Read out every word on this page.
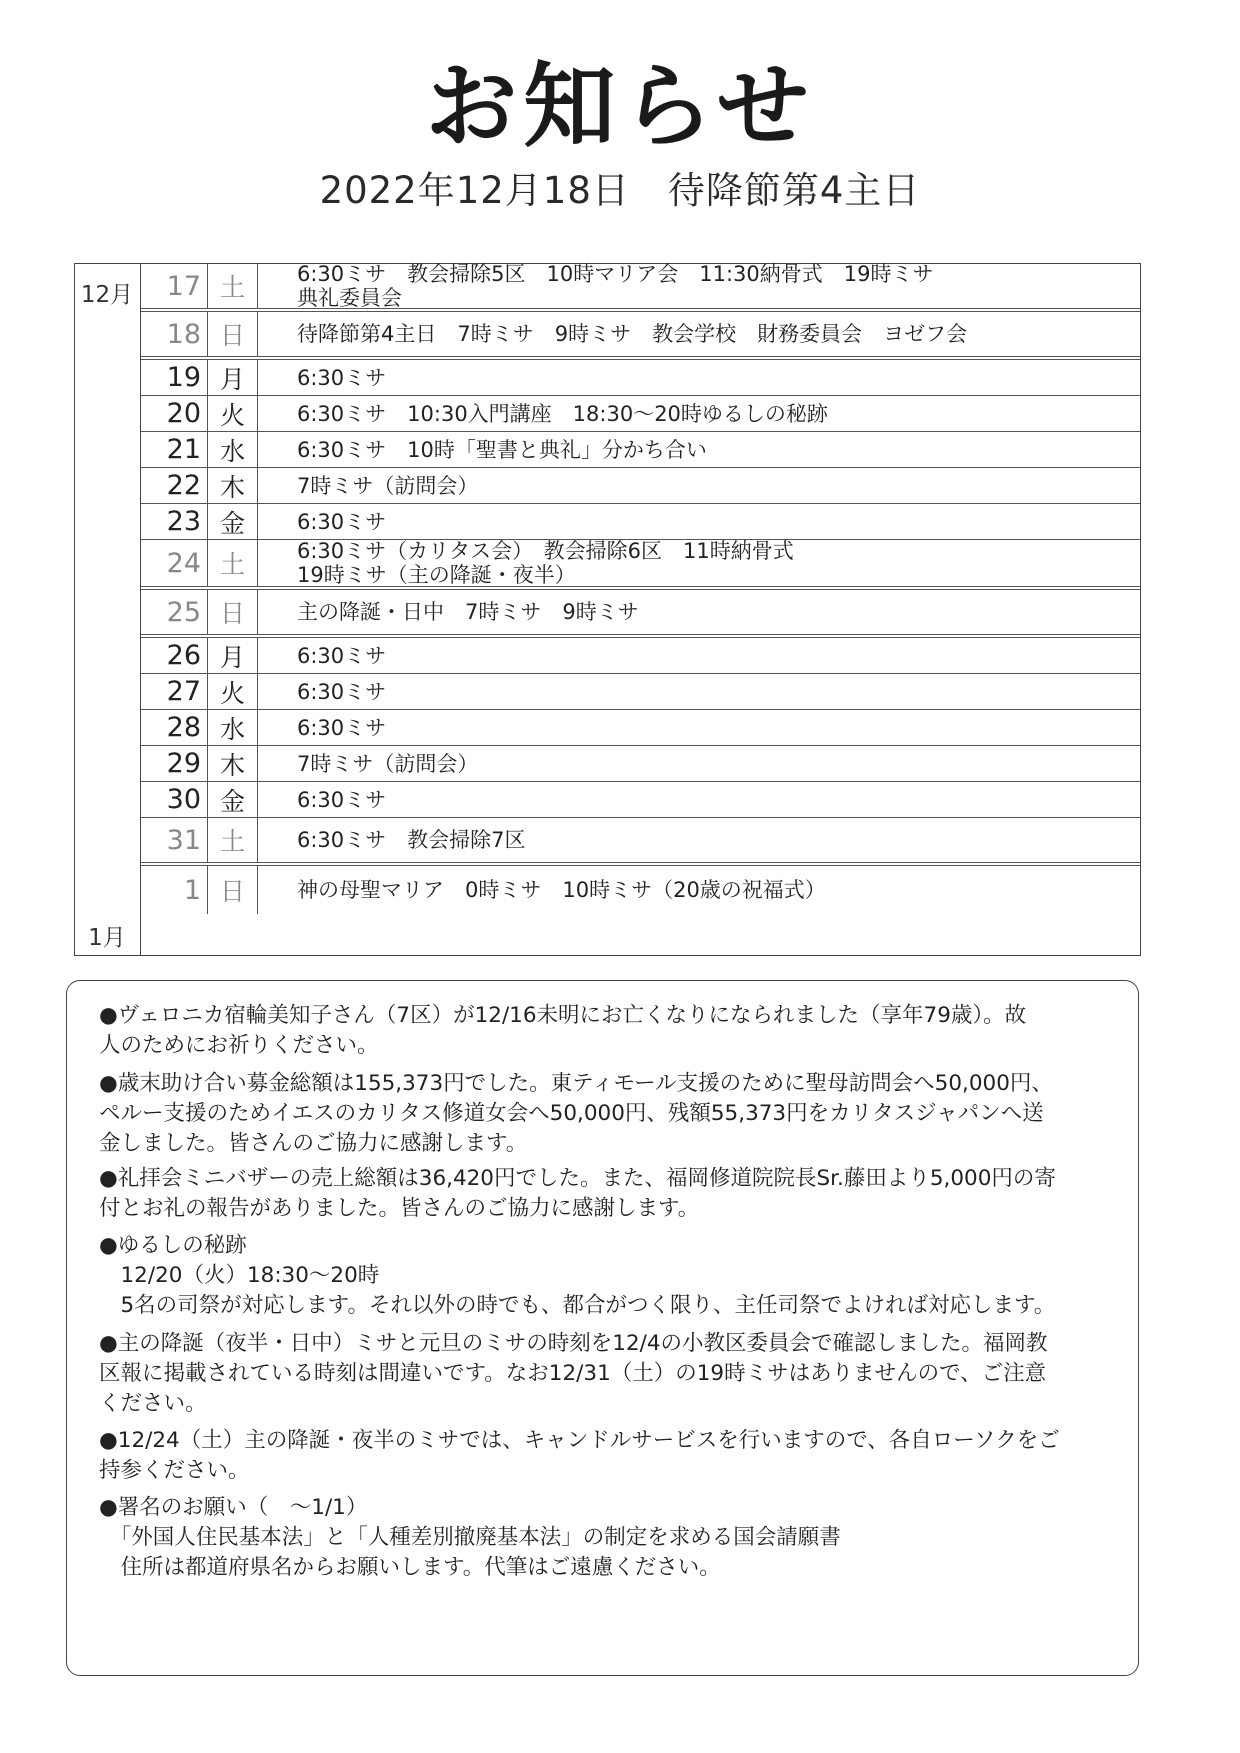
お知らせ
2022年12月18日　待降節第4主日
12月
1月
17 土	6:30ミサ　教会掃除5区　10時マリア会　11:30納骨式　19時ミサ
典礼委員会
18 日	待降節第4主日　7時ミサ　9時ミサ　教会学校　財務委員会　ヨゼフ会
19 月	6:30ミサ
20 火	6:30ミサ　10:30入門講座　18:30～20時ゆるしの秘跡
21 水	6:30ミサ　10時「聖書と典礼」分かち合い
22 木	7時ミサ（訪問会）
23 金	6:30ミサ
24 土	6:30ミサ（カリタス会）　教会掃除6区　11時納骨式
19時ミサ（主の降誕・夜半）
25 日	主の降誕・日中　7時ミサ　9時ミサ
26 月	6:30ミサ
27 火	6:30ミサ
28 水	6:30ミサ
29 木	7時ミサ（訪問会）
30 金	6:30ミサ
31 土	6:30ミサ　教会掃除7区
1 日	神の母聖マリア　0時ミサ　10時ミサ（20歳の祝福式）
●ヴェロニカ宿輪美知子さん（7区）が12/16未明にお亡くなりになられました（享年79歳）。故
人のためにお祈りください。
●歳末助け合い募金総額は155,373円でした。東ティモール支援のために聖母訪問会へ50,000円、
ペルー支援のためイエスのカリタス修道女会へ50,000円、残額55,373円をカリタスジャパンへ送
金しました。皆さんのご協力に感謝します。
●礼拝会ミニバザーの売上総額は36,420円でした。また、福岡修道院院長Sr.藤田より5,000円の寄
付とお礼の報告がありました。皆さんのご協力に感謝します。
●ゆるしの秘跡
　12/20（火）18:30～20時
　5名の司祭が対応します。それ以外の時でも、都合がつく限り、主任司祭でよければ対応します。
●主の降誕（夜半・日中）ミサと元旦のミサの時刻を12/4の小教区委員会で確認しました。福岡教
区報に掲載されている時刻は間違いです。なお12/31（土）の19時ミサはありませんので、ご注意
ください。
●12/24（土）主の降誕・夜半のミサでは、キャンドルサービスを行いますので、各自ローソクをご
持参ください。
●署名のお願い（　～1/1）
　「外国人住民基本法」と「人種差別撤廃基本法」の制定を求める国会請願書
　住所は都道府県名からお願いします。代筆はご遠慮ください。
